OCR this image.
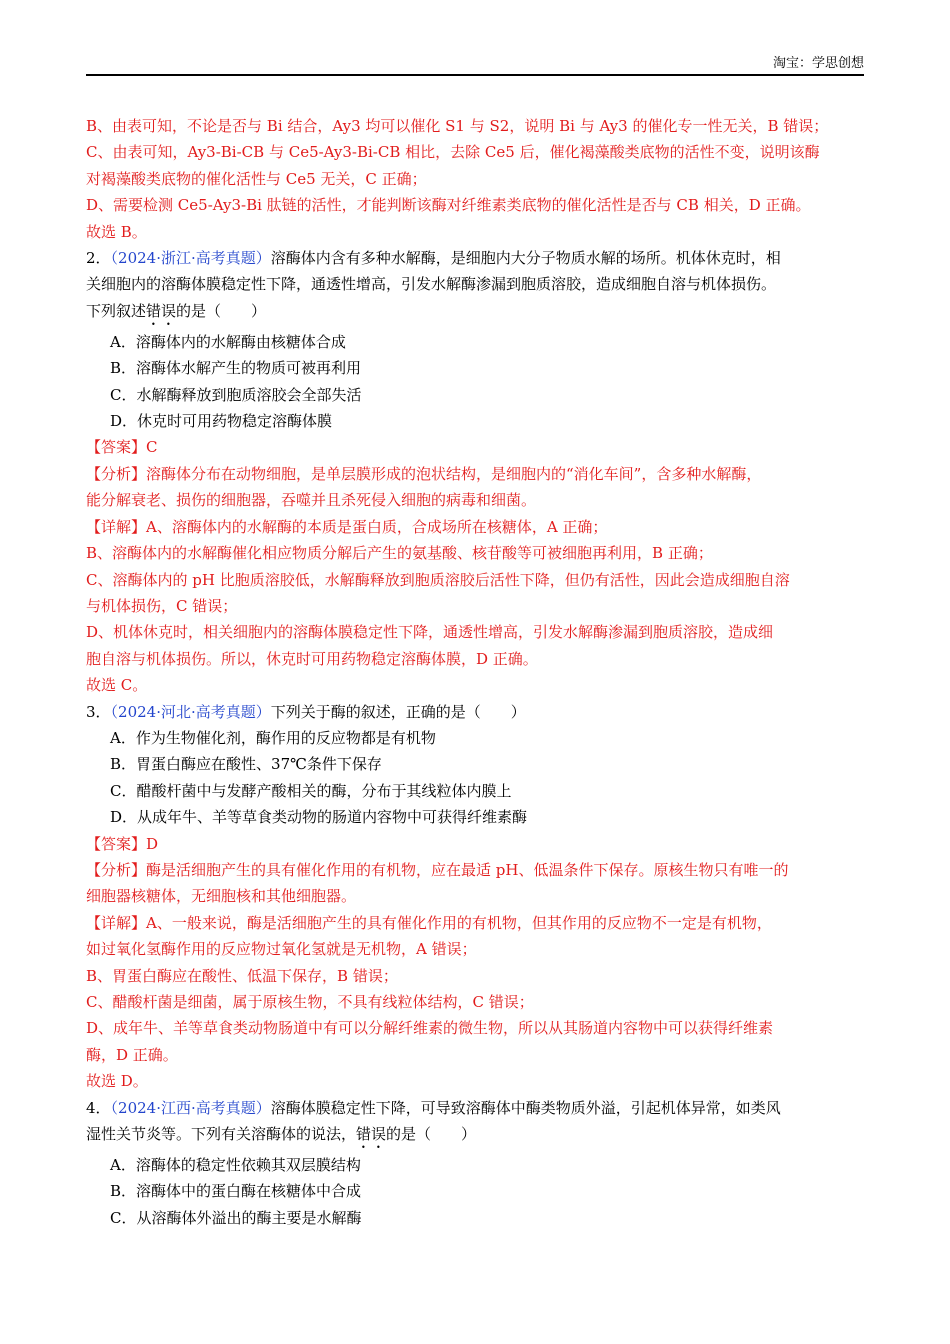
淘宝：学思创想
B、由表可知，不论是否与 Bi 结合，Ay3 均可以催化 S1 与 S2，说明 Bi 与 Ay3 的催化专一性无关，B 错误；
C、由表可知，Ay3-Bi-CB 与 Ce5-Ay3-Bi-CB 相比，去除 Ce5 后，催化褐藻酸类底物的活性不变，说明该酶
对褐藻酸类底物的催化活性与 Ce5 无关，C 正确；
D、需要检测 Ce5-Ay3-Bi 肽链的活性，才能判断该酶对纤维素类底物的催化活性是否与 CB 相关，D 正确。
故选 B。
2．（2024·浙江·高考真题）溶酶体内含有多种水解酶，是细胞内大分子物质水解的场所。机体休克时，相
关细胞内的溶酶体膜稳定性下降，通透性增高，引发水解酶渗漏到胞质溶胶，造成细胞自溶与机体损伤。
下列叙述错误的是（　　）
A．溶酶体内的水解酶由核糖体合成
B．溶酶体水解产生的物质可被再利用
C．水解酶释放到胞质溶胶会全部失活
D．休克时可用药物稳定溶酶体膜
【答案】C
【分析】溶酶体分布在动物细胞，是单层膜形成的泡状结构，是细胞内的“消化车间”，含多种水解酶，
能分解衰老、损伤的细胞器，吞噬并且杀死侵入细胞的病毒和细菌。
【详解】A、溶酶体内的水解酶的本质是蛋白质，合成场所在核糖体，A 正确；
B、溶酶体内的水解酶催化相应物质分解后产生的氨基酸、核苷酸等可被细胞再利用，B 正确；
C、溶酶体内的 pH 比胞质溶胶低，水解酶释放到胞质溶胶后活性下降，但仍有活性，因此会造成细胞自溶
与机体损伤，C 错误；
D、机体休克时，相关细胞内的溶酶体膜稳定性下降，通透性增高，引发水解酶渗漏到胞质溶胶，造成细
胞自溶与机体损伤。所以，休克时可用药物稳定溶酶体膜，D 正确。
故选 C。
3．（2024·河北·高考真题）下列关于酶的叙述，正确的是（　　）
A．作为生物催化剂，酶作用的反应物都是有机物
B．胃蛋白酶应在酸性、37℃条件下保存
C．醋酸杆菌中与发酵产酸相关的酶，分布于其线粒体内膜上
D．从成年牛、羊等草食类动物的肠道内容物中可获得纤维素酶
【答案】D
【分析】酶是活细胞产生的具有催化作用的有机物，应在最适 pH、低温条件下保存。原核生物只有唯一的
细胞器核糖体，无细胞核和其他细胞器。
【详解】A、一般来说，酶是活细胞产生的具有催化作用的有机物，但其作用的反应物不一定是有机物，
如过氧化氢酶作用的反应物过氧化氢就是无机物，A 错误；
B、胃蛋白酶应在酸性、低温下保存，B 错误；
C、醋酸杆菌是细菌，属于原核生物，不具有线粒体结构，C 错误；
D、成年牛、羊等草食类动物肠道中有可以分解纤维素的微生物，所以从其肠道内容物中可以获得纤维素
酶，D 正确。
故选 D。
4．（2024·江西·高考真题）溶酶体膜稳定性下降，可导致溶酶体中酶类物质外溢，引起机体异常，如类风
湿性关节炎等。下列有关溶酶体的说法，错误的是（　　）
A．溶酶体的稳定性依赖其双层膜结构
B．溶酶体中的蛋白酶在核糖体中合成
C．从溶酶体外溢出的酶主要是水解酶
